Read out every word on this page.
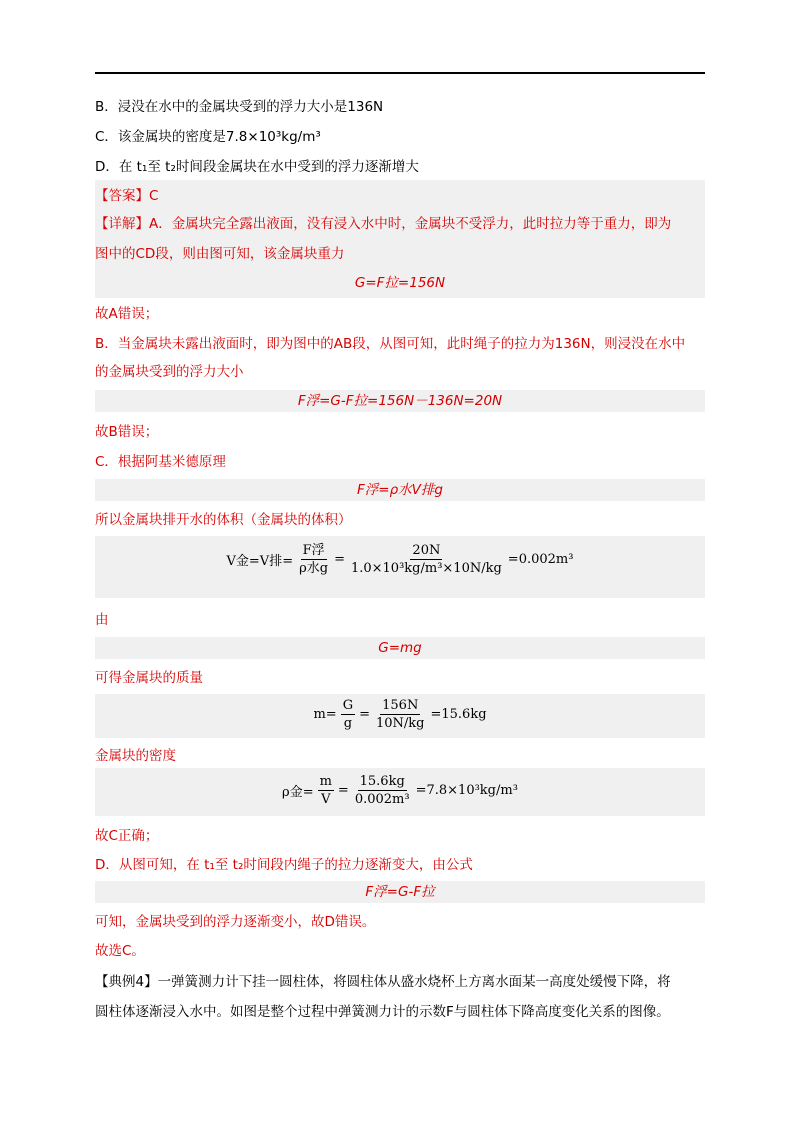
B．浸没在水中的金属块受到的浮力大小是136N
C．该金属块的密度是7.8×10³kg/m³
D．在 t₁至 t₂时间段金属块在水中受到的浮力逐渐增大
【答案】C
【详解】A．金属块完全露出液面，没有浸入水中时，金属块不受浮力，此时拉力等于重力，即为
图中的CD段，则由图可知，该金属块重力
G=F拉=156N
故A错误；
B．当金属块未露出液面时，即为图中的AB段，从图可知，此时绳子的拉力为136N，则浸没在水中
的金属块受到的浮力大小
F浮=G-F拉=156N－136N=20N
故B错误；
C．根据阿基米德原理
F浮=ρ水V排g
所以金属块排开水的体积（金属块的体积）
V金=V排= $\frac{\text{F浮}}{\text{ρ水g}} = \frac{20N}{\text{1.0×10³kg/m³×10N/kg}} =0.002m^3$
由
G=mg
可得金属块的质量
$m= \frac{G}{g} = \frac{156N}{10N/kg} =15.6kg$
金属块的密度
ρ金= $\frac{m}{V} = \frac{15.6kg}{\text{0.002m³}} =7.8\times 10^3kg/m^3$
故C正确；
D．从图可知，在 t₁至 t₂时间段内绳子的拉力逐渐变大，由公式
F浮=G-F拉
可知，金属块受到的浮力逐渐变小，故D错误。
故选C。
【典例4】一弹簧测力计下挂一圆柱体，将圆柱体从盛水烧杯上方离水面某一高度处缓慢下降，将
圆柱体逐渐浸入水中。如图是整个过程中弹簧测力计的示数F与圆柱体下降高度变化关系的图像。
